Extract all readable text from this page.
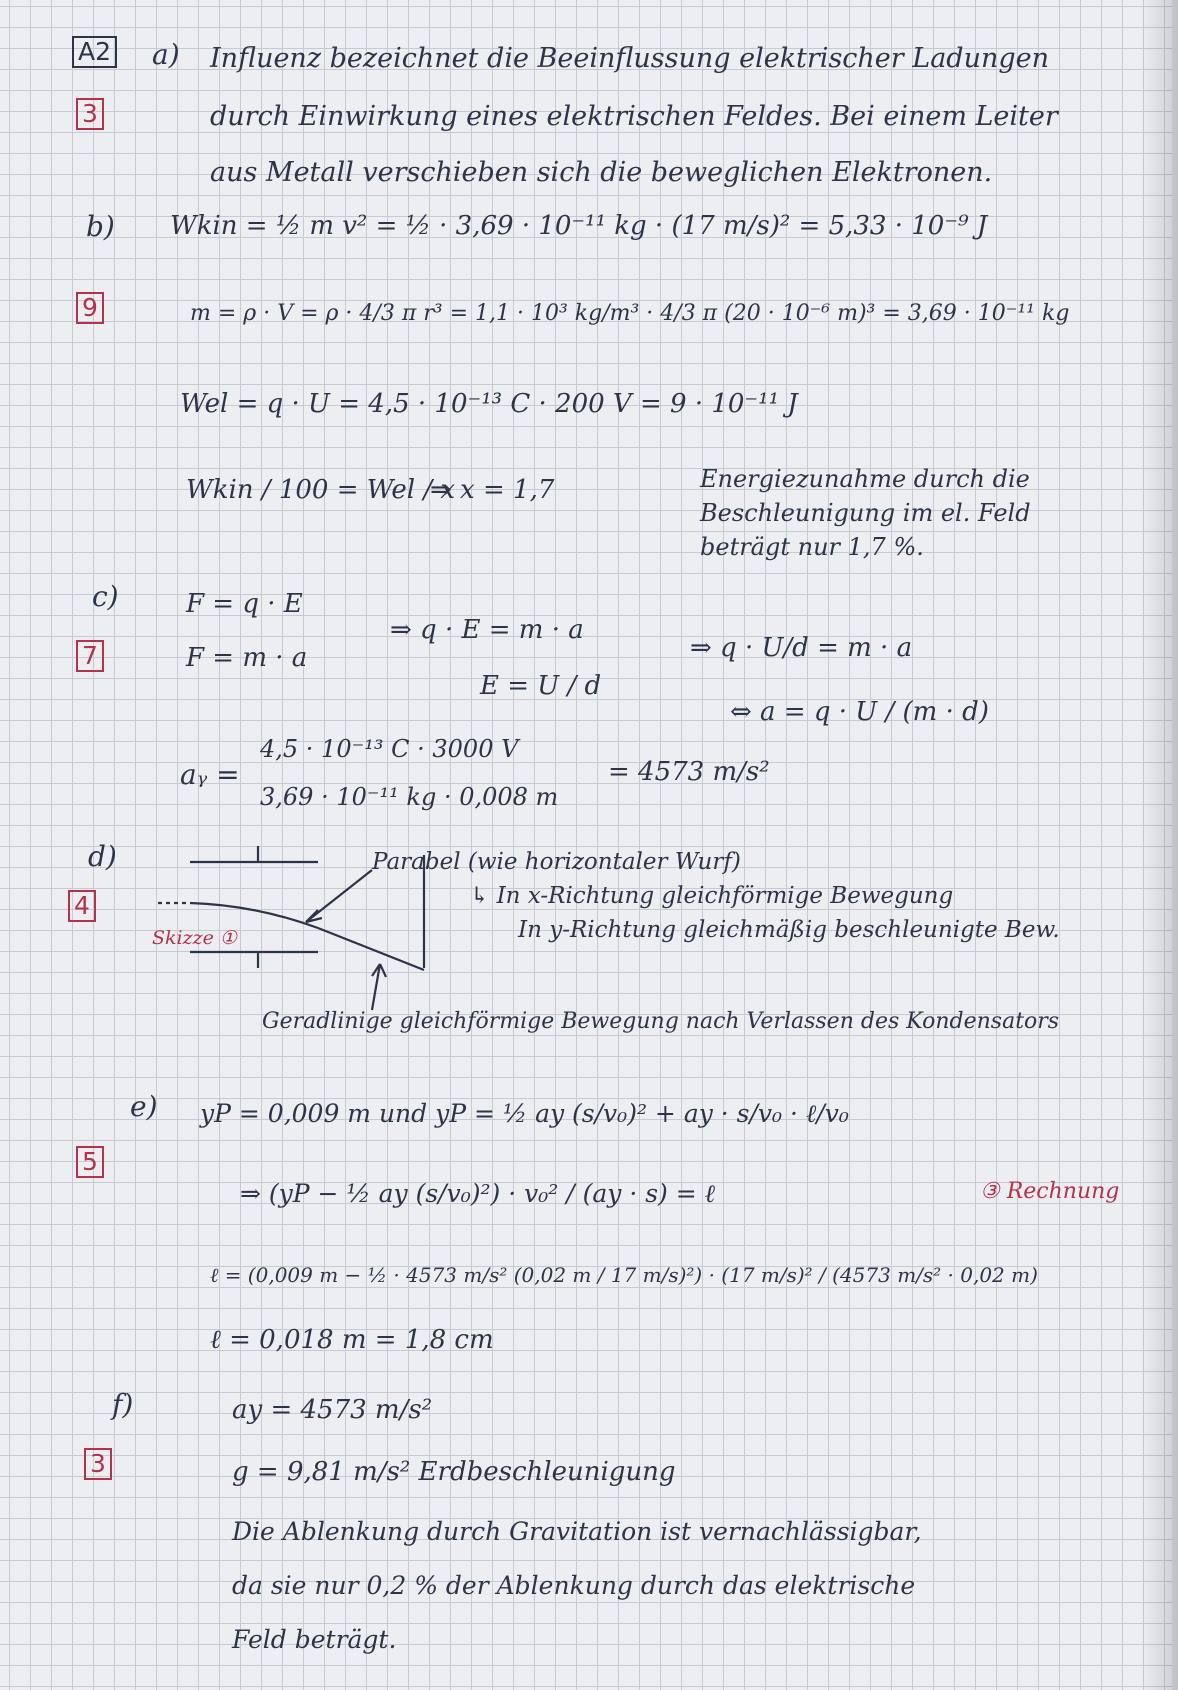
A2
3
a) Influenz bezeichnet die Beeinflussung elektrischer Ladungen
durch Einwirkung eines elektrischen Feldes. Bei einem Leiter
aus Metall verschieben sich die beweglichen Elektronen.
b)
9
Wkin = ½ m v² = ½ · 3,69 · 10⁻¹¹ kg · (17 m/s)² = 5,33 · 10⁻⁹ J
m = ρ · V = ρ · 4/3 π r³ = 1,1 · 10³ kg/m³ · 4/3 π (20 · 10⁻⁶ m)³ = 3,69 · 10⁻¹¹ kg
Wel = q · U = 4,5 · 10⁻¹³ C · 200 V = 9 · 10⁻¹¹ J
Wkin / 100 = Wel / x
⇒ x = 1,7	Energiezunahme durch die
Beschleunigung im el. Feld
beträgt nur 1,7 %.
c)
7
F = q · E
F = m · a
⇒ q · E = m · a
E = U / d
⇒ q · U/d = m · a
⇔ a = q · U / (m · d)
aᵧ =
4,5 · 10⁻¹³ C · 3000 V
3,69 · 10⁻¹¹ kg · 0,008 m
= 4573 m/s²
d)
4
Parabel (wie horizontaler Wurf)
↳ In x-Richtung gleichförmige Bewegung
Skizze ①	In y-Richtung gleichmäßig beschleunigte Bew.
Geradlinige gleichförmige Bewegung nach Verlassen des Kondensators
e)
5
yP = 0,009 m und yP = ½ ay (s/v₀)² + ay · s/v₀ · ℓ/v₀
⇒ (yP − ½ ay (s/v₀)²) · v₀² / (ay · s) = ℓ	③ Rechnung
ℓ = (0,009 m − ½ · 4573 m/s² (0,02 m / 17 m/s)²) · (17 m/s)² / (4573 m/s² · 0,02 m)
ℓ = 0,018 m = 1,8 cm
f)
3
ay = 4573 m/s²
g = 9,81 m/s² Erdbeschleunigung
Die Ablenkung durch Gravitation ist vernachlässigbar,
da sie nur 0,2 % der Ablenkung durch das elektrische
Feld beträgt.
